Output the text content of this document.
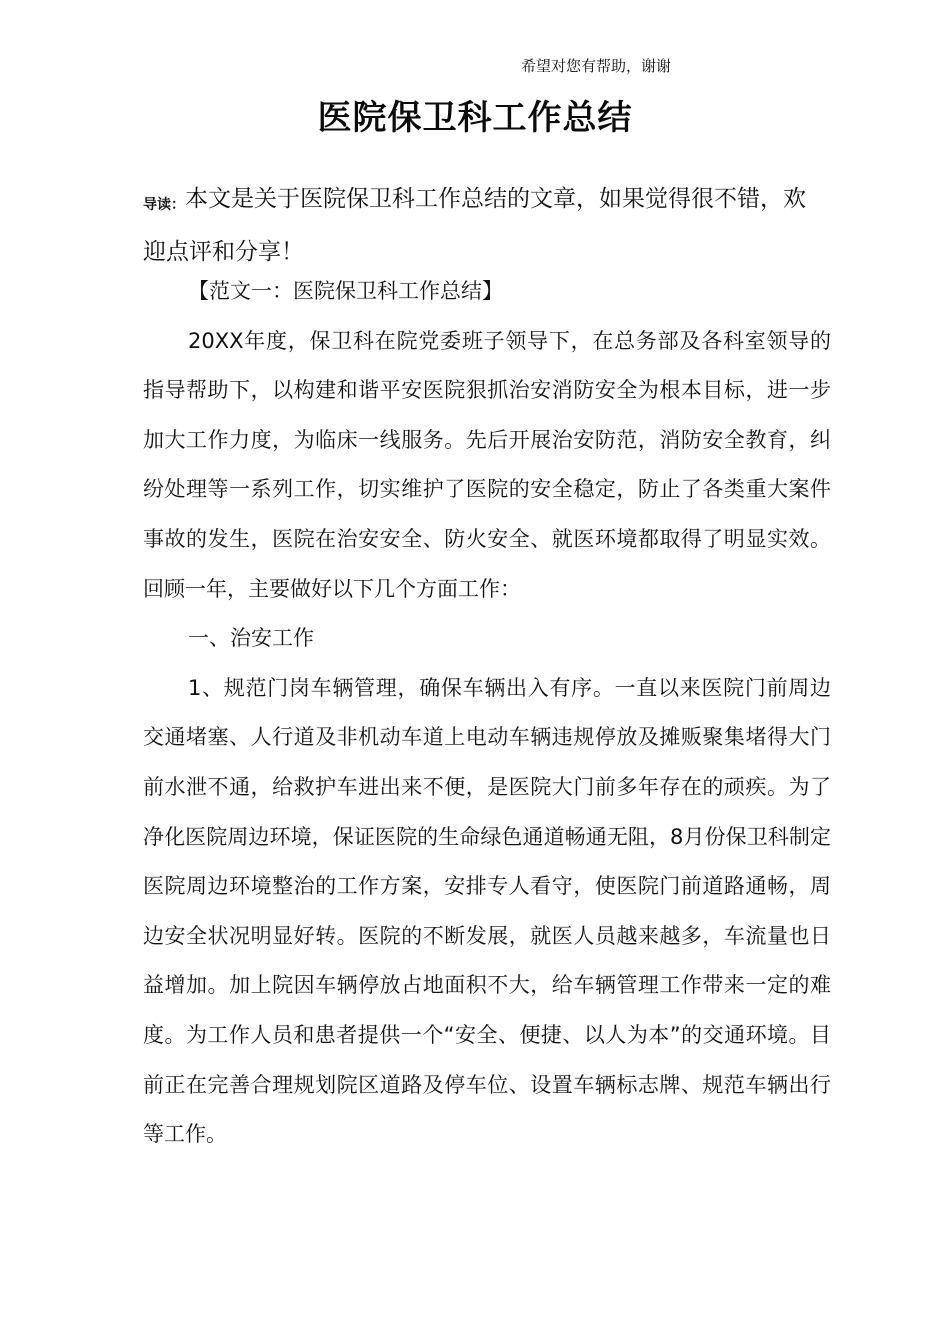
希望对您有帮助，谢谢
医院保卫科工作总结
导读：本文是关于医院保卫科工作总结的文章，如果觉得很不错，欢迎点评和分享！

【范文一：医院保卫科工作总结】

20XX年度，保卫科在院党委班子领导下，在总务部及各科室领导的指导帮助下，以构建和谐平安医院狠抓治安消防安全为根本目标，进一步加大工作力度，为临床一线服务。先后开展治安防范，消防安全教育，纠纷处理等一系列工作，切实维护了医院的安全稳定，防止了各类重大案件事故的发生，医院在治安安全、防火安全、就医环境都取得了明显实效。回顾一年，主要做好以下几个方面工作：

一、治安工作

1、规范门岗车辆管理，确保车辆出入有序。一直以来医院门前周边交通堵塞、人行道及非机动车道上电动车辆违规停放及摊贩聚集堵得大门前水泄不通，给救护车进出来不便，是医院大门前多年存在的顽疾。为了净化医院周边环境，保证医院的生命绿色通道畅通无阻，8月份保卫科制定医院周边环境整治的工作方案，安排专人看守，使医院门前道路通畅，周边安全状况明显好转。医院的不断发展，就医人员越来越多，车流量也日益增加。加上院因车辆停放占地面积不大，给车辆管理工作带来一定的难度。为工作人员和患者提供一个“安全、便捷、以人为本”的交通环境。目前正在完善合理规划院区道路及停车位、设置车辆标志牌、规范车辆出行等工作。
